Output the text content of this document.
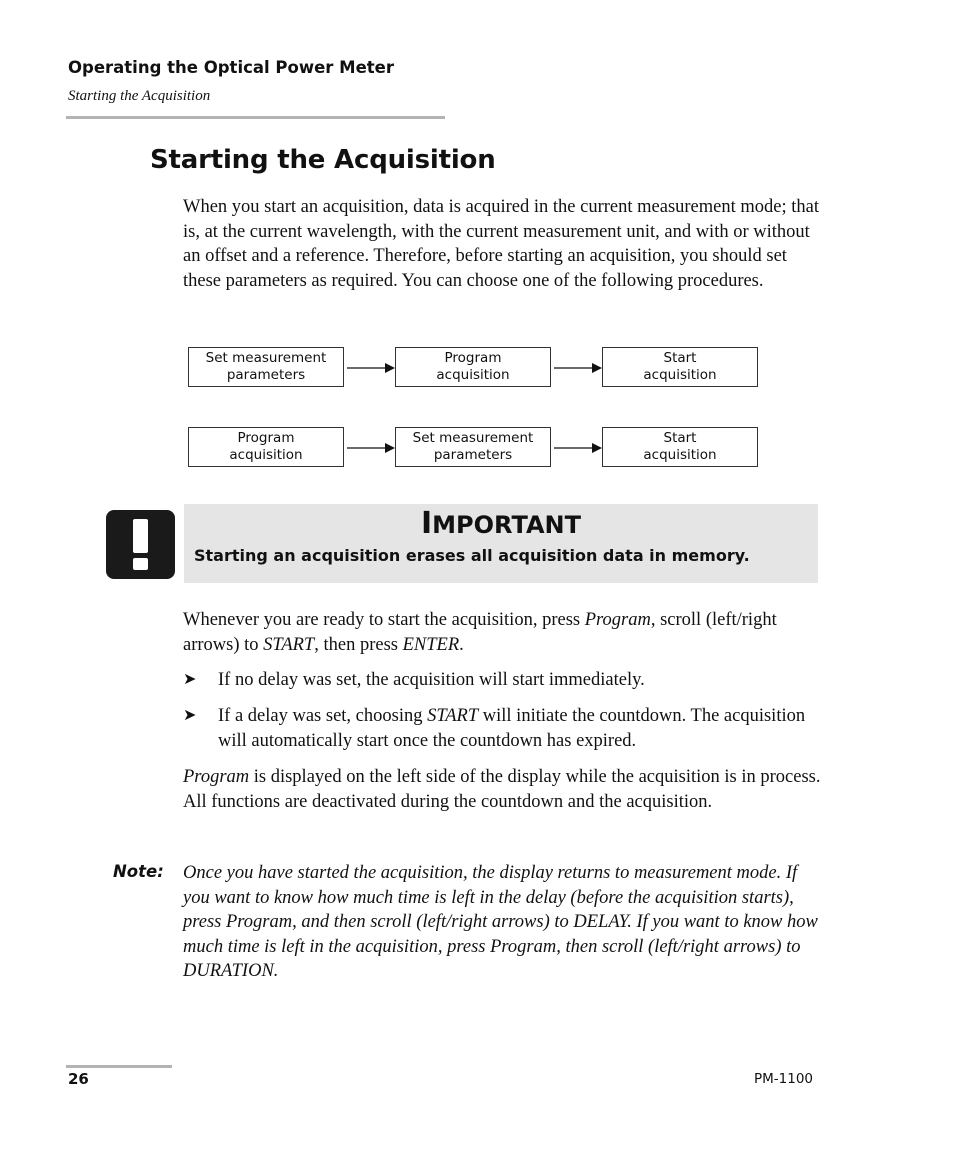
Operating the Optical Power Meter
Starting the Acquisition
Starting the Acquisition
When you start an acquisition, data is acquired in the current measurement mode; that is, at the current wavelength, with the current measurement unit, and with or without an offset and a reference. Therefore, before starting an acquisition, you should set these parameters as required. You can choose one of the following procedures.
Set measurement
parameters
Program
acquisition
Start
acquisition
Program
acquisition
Set measurement
parameters
Start
acquisition
IMPORTANT
Starting an acquisition erases all acquisition data in memory.
Whenever you are ready to start the acquisition, press Program, scroll (left/right arrows) to START, then press ENTER.
➤ If no delay was set, the acquisition will start immediately.
➤ If a delay was set, choosing START will initiate the countdown. The acquisition will automatically start once the countdown has expired.
Program is displayed on the left side of the display while the acquisition is in process. All functions are deactivated during the countdown and the acquisition.
Note: Once you have started the acquisition, the display returns to measurement mode. If you want to know how much time is left in the delay (before the acquisition starts), press Program, and then scroll (left/right arrows) to DELAY. If you want to know how much time is left in the acquisition, press Program, then scroll (left/right arrows) to DURATION.
26	PM-1100
